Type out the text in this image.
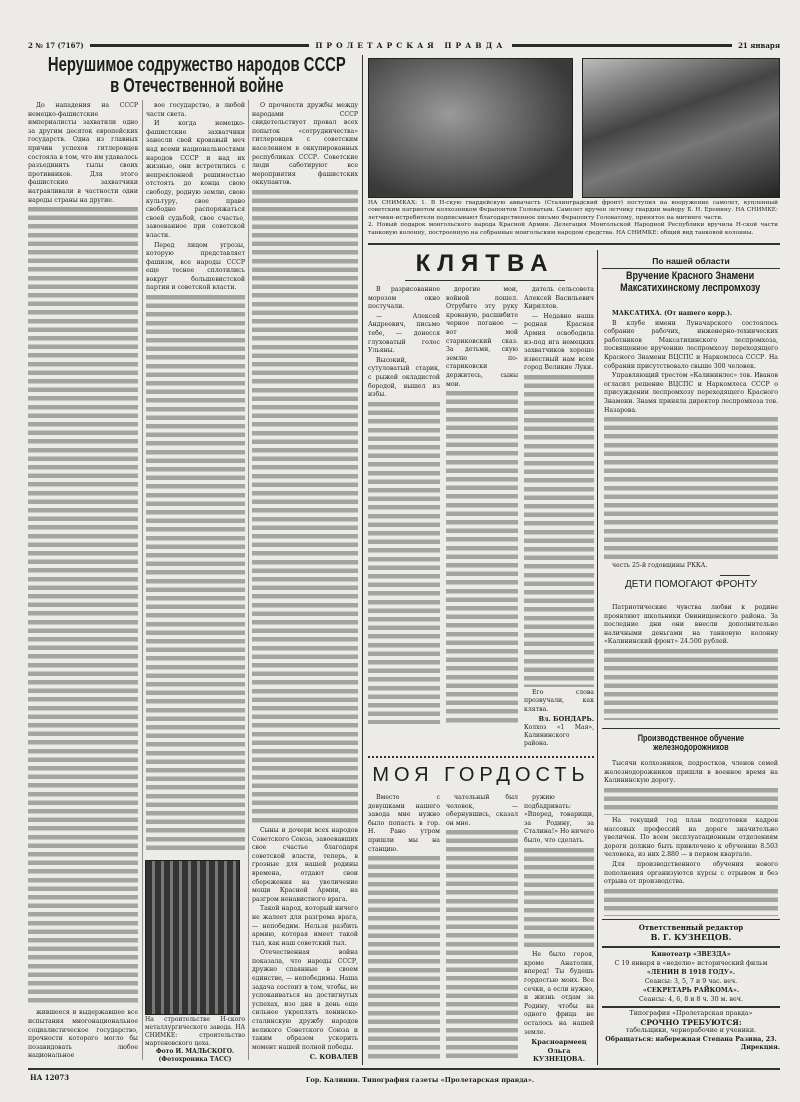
2 № 17 (7167)	ПРОЛЕТАРСКАЯ ПРАВДА	21 января
Нерушимое содружество народов СССР
в Отечественной войне

До нападения на СССР немецко-фашистские империалисты захватили одно за другим десяток европейских государств. Одна из главных причин успехов гитлеровцев состояла в том, что им удавалось разъединить тылы своих противников. Для этого фашистские захватчики натравливали в частности одни народы страны на другие.

жившееся и выдержавшее все испытания многонациональное социалистическое государство, прочности которого могло бы позавидовать любое национальное

вое государство, в любой части света.

И когда немецко-фашистские захватчики занесли свой кровавый меч над всеми национальностями народов СССР и над их жизнью, они встретились с непреклонной решимостью отстоять до конца свою свободу, родную землю, свою культуру, свое право свободно распоряжаться своей судьбой, свое счастье, завоеванное при советской власти.

Перед лицом угрозы, которую представляет фашизм, все народы СССР еще теснее сплотились вокруг большевистской партии и советской власти.

На строительстве Н-ского металлургического завода. НА СНИМКЕ: строительство мартеновского цеха.
Фото И. МАЛЬСКОГО. (Фотохроника ТАСС)

О прочности дружбы между народами СССР свидетельствует провал всех попыток «сотрудничества» гитлеровцев с советским населением в оккупированных республиках СССР. Советские люди саботируют все мероприятия фашистских оккупантов.

Сыны и дочери всех народов Советского Союза, завоевавших свое счастье благодаря советской власти, теперь, в грозные для нашей родины времена, отдают свои сбережения на увеличение мощи Красной Армии, на разгром ненавистного врага.

Такой народ, который ничего не жалеет для разгрома врага, — непобедим. Нельзя разбить армию, которая имеет такой тыл, как наш советский тыл.

Отечественная война показала, что народы СССР, дружно спаянные в своем единстве, — непобедимы. Наша задача состоит в том, чтобы, не успокаиваться на достигнутых успехах, изо дня в день еще сильнее укреплять ленинско-сталинскую дружбу народов великого Советского Союза и таким образом ускорить момент нашей полной победы.

С. КОВАЛЕВ
НА СНИМКАХ: 1. В Н-скую гвардейскую авиачасть (Сталинградский фронт) поступил на вооружение самолет, купленный советским патриотом колхозником Ферапонтом Головатым. Самолет вручен летчику гвардии майору Б. Н. Еремину. НА СНИМКЕ: летчики-истребители подписывают благодарственное письмо Ферапонту Головатому, принятое на митинге части.
2. Новый подарок монгольского народа Красной Армии. Делегация Монгольской Народной Республики вручила Н-ской части танковую колонну, построенную на собранные монгольским народом средства. НА СНИМКЕ: общий вид танковой колонны.
КЛЯТВА

В разрисованное морозом окно постучали.

— Алексей Андреевич, письмо тебе, — донесся глуховатый голос Ульяны.

Высокий, сутуловатый старик, с рыжей окладистой бородой, вышел из избы.

дорогие мои, войной пошел. Отрубите эту руку кровавую, расшибите черное поганое — вот мой стариковский сказ. За детьми, скую землю по-стариковски держитесь, сыны мои.

датель сельсовета Алексей Васильевич Кириллов.

— Недавно наша родная Красная Армия освободила из-под ига немецких захватчиков хорошо известный нам всем город Великие Луки.

Его слова прозвучали, как клятва.

Вл. БОНДАРЬ.
Колхоз «1 Мая», Калининского района.
МОЯ ГОРДОСТЬ

Вместе с девушками нашего завода мне нужно было попасть в гор. Н. Рано утром пришли мы на станцию.

чательный был человек, — обернувшись, сказал он мне.

ружию подбадривать: «Вперед, товарищи, за Родину, за Сталина!» Но ничего было, что сделать.

Не было героя, кроме Анатолия, вперед! Ты будешь гордостью моих. Все сечки, а если нужно, и жизнь отдам за Родину, чтобы на одного фрица не осталось на нашей земле.

Красноармеец
Ольга КУЗНЕЦОВА.
По нашей области
Вручение Красного Знамени Максатихинскому леспромхозу

МАКСАТИХА. (От нашего корр.).

В клубе имени Луначарского состоялось собрание рабочих, инженерно-технических работников Максатихинского леспромхоза, посвященное вручению леспромхозу переходящего Красного Знамени ВЦСПС и Наркомлеса СССР. На собрании присутствовало свыше 300 человек.

Управляющий трестом «Калининлес» тов. Иванов огласил решение ВЦСПС и Наркомлеса СССР о присуждении леспромхозу переходящего Красного Знамени. Знамя приняла директор леспромхоза тов. Назарова.

честь 25-й годовщины РККА.

ДЕТИ ПОМОГАЮТ ФРОНТУ

Патриотические чувства любви к родине проявляют школьники Овинищенского района. За последние дни они внесли дополнительно наличными деньгами на танковую колонну «Калининский фронт» 24.500 рублей.

Производственное обучение железнодорожников

Тысячи колхозников, подростков, членов семей железнодорожников пришли в военное время на Калининскую дорогу.

На текущий год план подготовки кадров массовых профессий на дороге значительно увеличен. По всем эксплуатационным отделениям дороги должно быть привлечено к обучению 8.503 человека, из них 2.880 — в первом квартале.

Для производственного обучения нового пополнения организуются курсы с отрывом и без отрыва от производства.

Ответственный редактор
В. Г. КУЗНЕЦОВ.
Кинотеатр «ЗВЕЗДА»
С 19 января в «неделю» исторический фильм
«ЛЕНИН В 1918 ГОДУ».
Сеансы: 3, 5, 7 и 9 час. веч.
«СЕКРЕТАРЬ РАЙКОМА».
Сеансы: 4, 6, 8 и 8 ч. 30 м. веч.
Типография «Пролетарская правда»
СРОЧНО ТРЕБУЮТСЯ:
табельщики, чернорабочие и ученики.
Обращаться: набережная Степана Разина, 23.
Дирекция.
НА 12073	Гор. Калинин. Типография газеты «Пролетарская правда».
